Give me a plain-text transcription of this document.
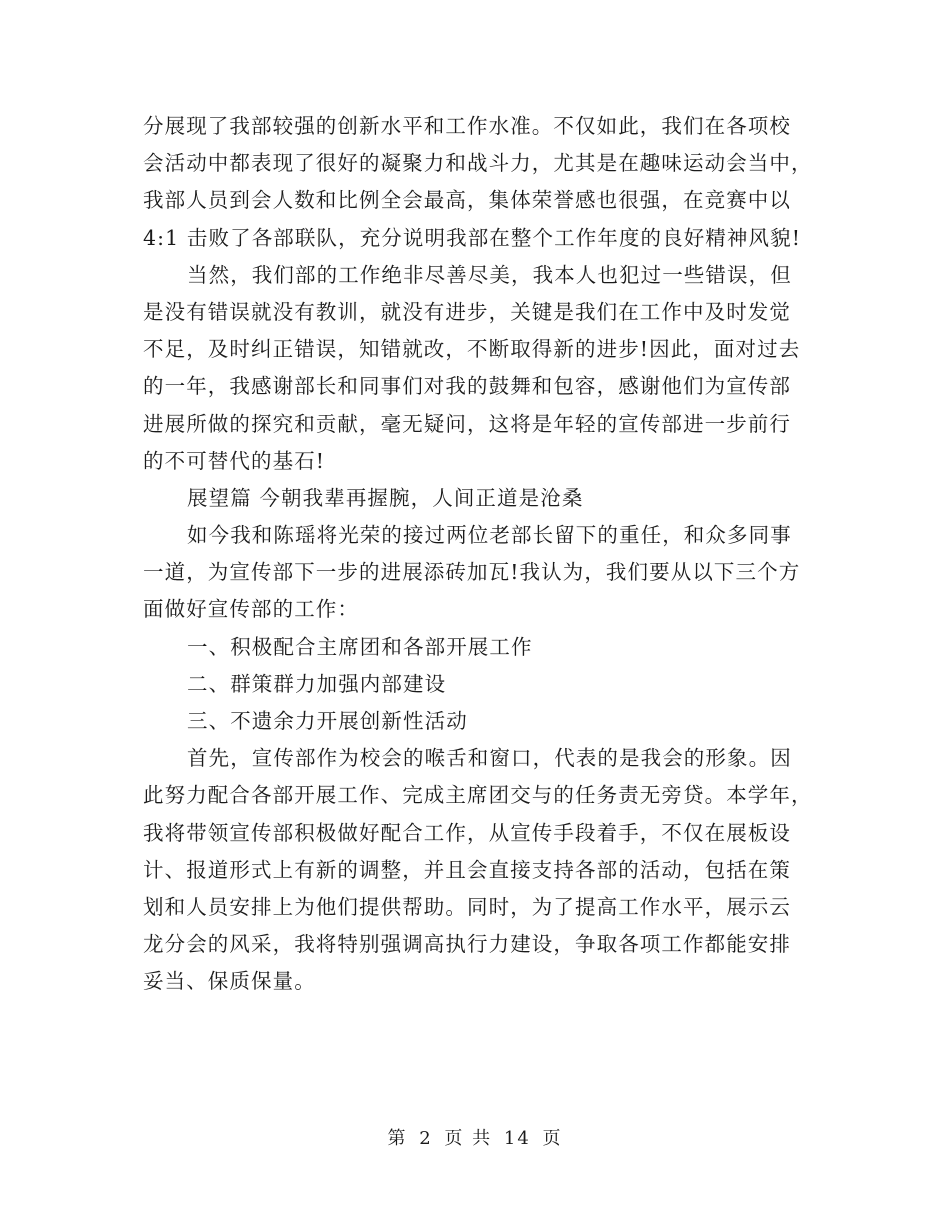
分展现了我部较强的创新水平和工作水准。不仅如此，我们在各项校
会活动中都表现了很好的凝聚力和战斗力，尤其是在趣味运动会当中，
我部人员到会人数和比例全会最高，集体荣誉感也很强，在竞赛中以
4:1 击败了各部联队，充分说明我部在整个工作年度的良好精神风貌!
当然，我们部的工作绝非尽善尽美，我本人也犯过一些错误，但
是没有错误就没有教训，就没有进步，关键是我们在工作中及时发觉
不足，及时纠正错误，知错就改，不断取得新的进步!因此，面对过去
的一年，我感谢部长和同事们对我的鼓舞和包容，感谢他们为宣传部
进展所做的探究和贡献，毫无疑问，这将是年轻的宣传部进一步前行
的不可替代的基石!
展望篇 今朝我辈再握腕，人间正道是沧桑
如今我和陈瑶将光荣的接过两位老部长留下的重任，和众多同事
一道，为宣传部下一步的进展添砖加瓦!我认为，我们要从以下三个方
面做好宣传部的工作：
一、积极配合主席团和各部开展工作
二、群策群力加强内部建设
三、不遗余力开展创新性活动
首先，宣传部作为校会的喉舌和窗口，代表的是我会的形象。因
此努力配合各部开展工作、完成主席团交与的任务责无旁贷。本学年，
我将带领宣传部积极做好配合工作，从宣传手段着手，不仅在展板设
计、报道形式上有新的调整，并且会直接支持各部的活动，包括在策
划和人员安排上为他们提供帮助。同时，为了提高工作水平，展示云
龙分会的风采，我将特别强调高执行力建设，争取各项工作都能安排
妥当、保质保量。
第 2 页 共 14 页
